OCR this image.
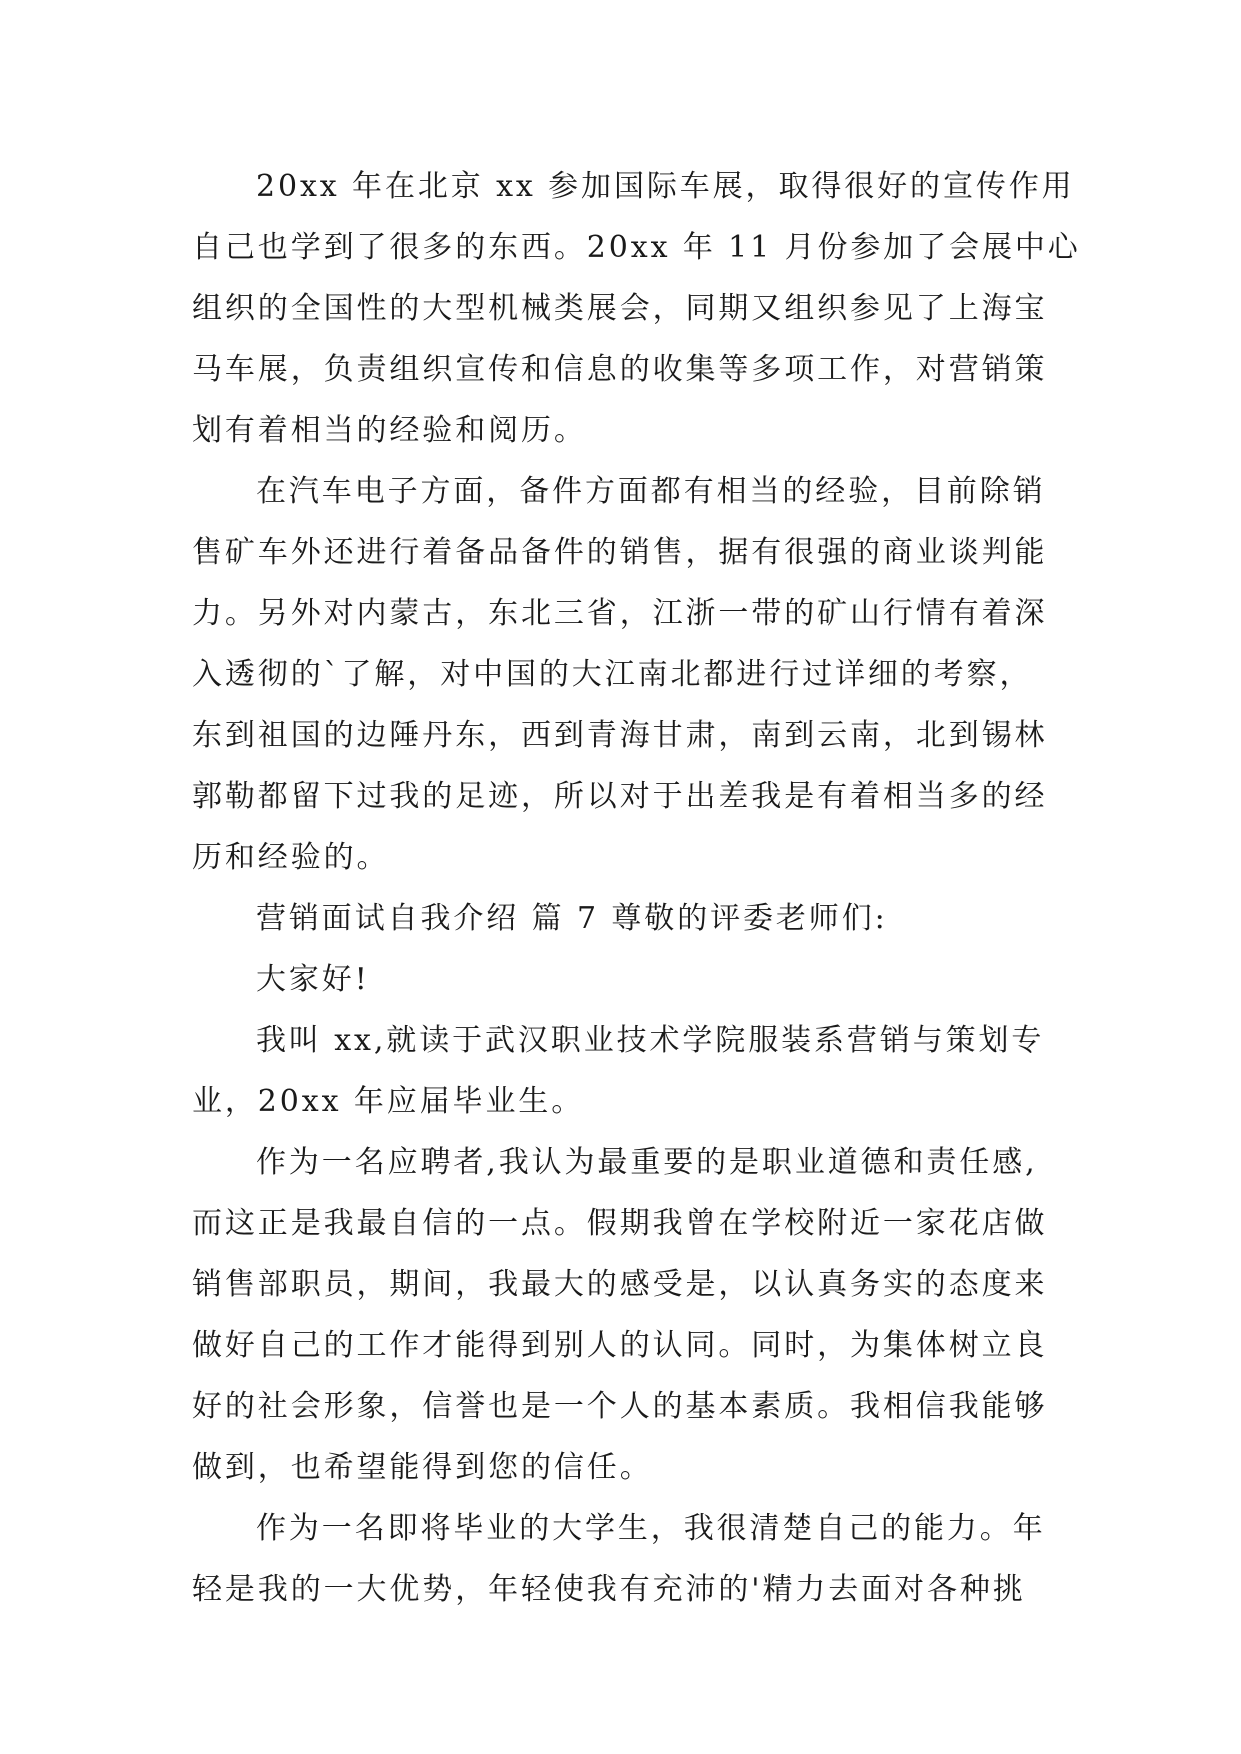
20xx 年在北京 xx 参加国际车展，取得很好的宣传作用
自己也学到了很多的东西。20xx 年 11 月份参加了会展中心
组织的全国性的大型机械类展会，同期又组织参见了上海宝
马车展，负责组织宣传和信息的收集等多项工作，对营销策
划有着相当的经验和阅历。
在汽车电子方面，备件方面都有相当的经验，目前除销
售矿车外还进行着备品备件的销售，据有很强的商业谈判能
力。另外对内蒙古，东北三省，江浙一带的矿山行情有着深
入透彻的`了解，对中国的大江南北都进行过详细的考察，
东到祖国的边陲丹东，西到青海甘肃，南到云南，北到锡林
郭勒都留下过我的足迹，所以对于出差我是有着相当多的经
历和经验的。
营销面试自我介绍 篇 7 尊敬的评委老师们:
大家好!
我叫 xx,就读于武汉职业技术学院服装系营销与策划专
业，20xx 年应届毕业生。
作为一名应聘者,我认为最重要的是职业道德和责任感,
而这正是我最自信的一点。假期我曾在学校附近一家花店做
销售部职员，期间，我最大的感受是，以认真务实的态度来
做好自己的工作才能得到别人的认同。同时，为集体树立良
好的社会形象，信誉也是一个人的基本素质。我相信我能够
做到，也希望能得到您的信任。
作为一名即将毕业的大学生，我很清楚自己的能力。年
轻是我的一大优势，年轻使我有充沛的'精力去面对各种挑
